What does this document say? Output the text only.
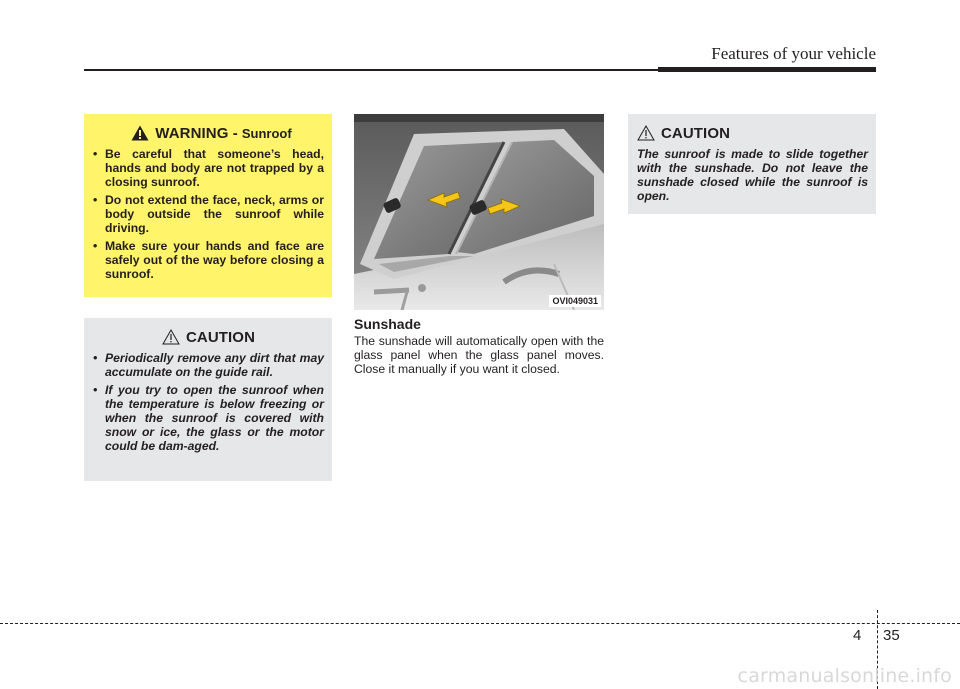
Features of your vehicle
WARNING - Sunroof
• Be careful that someone’s head, hands and body are not trapped by a closing sunroof.
• Do not extend the face, neck, arms or body outside the sunroof while driving.
• Make sure your hands and face are safely out of the way before closing a sunroof.
CAUTION
• Periodically remove any dirt that may accumulate on the guide rail.
• If you try to open the sunroof when the temperature is below freezing or when the sunroof is covered with snow or ice, the glass or the motor could be dam-aged.
OVI049031
Sunshade

The sunshade will automatically open with the glass panel when the glass panel moves. Close it manually if you want it closed.

CAUTION

The sunroof is made to slide together with the sunshade. Do not leave the sunshade closed while the sunroof is open.

4 35
carmanualsonline.info
